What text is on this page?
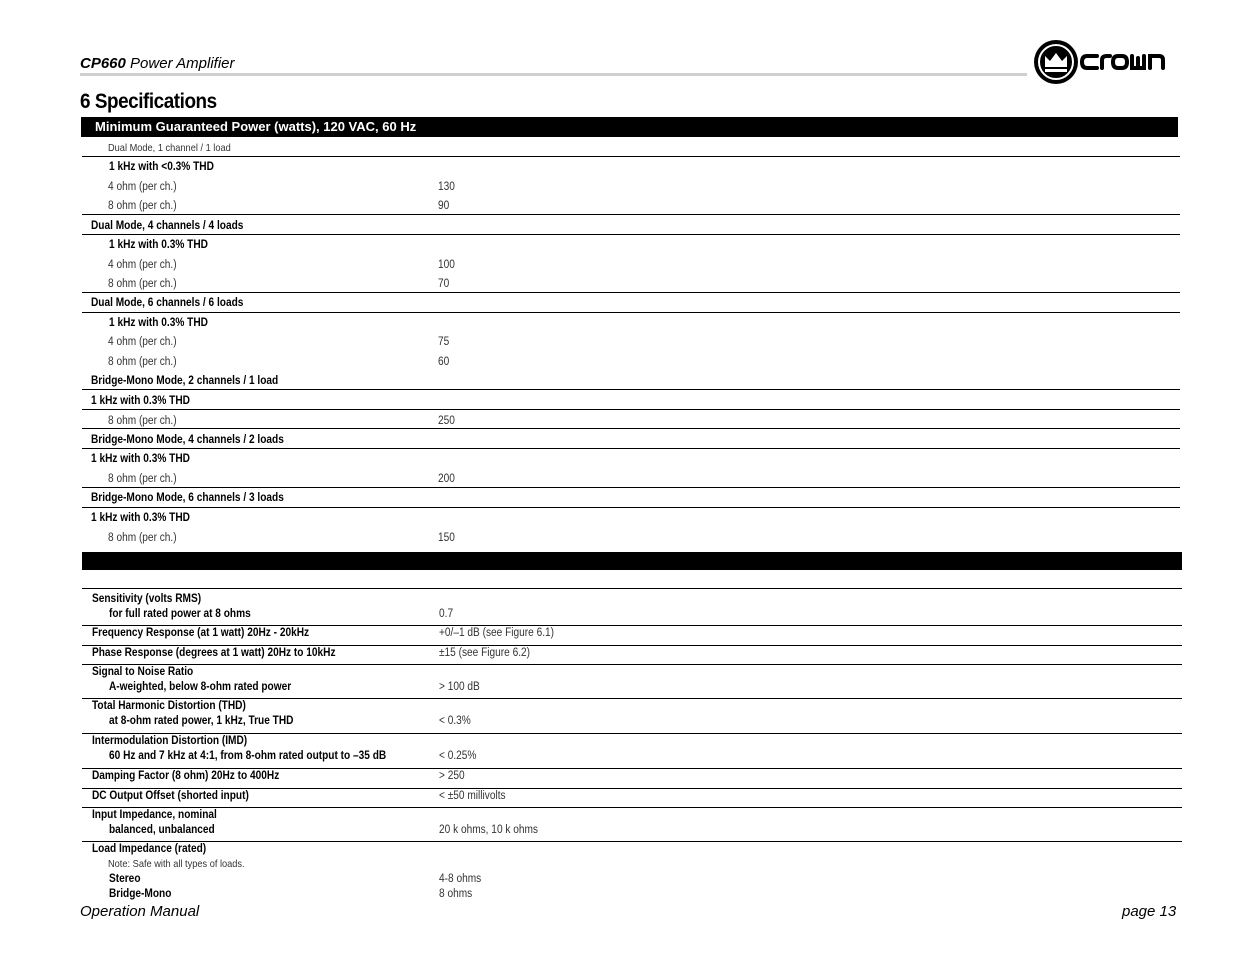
CP660 Power Amplifier
6 Specifications
Minimum Guaranteed Power (watts), 120 VAC, 60 Hz
Dual Mode, 1 channel / 1 load
1 kHz with <0.3% THD
4 ohm (per ch.)	130
8 ohm (per ch.)	90
Dual Mode, 4 channels / 4 loads
1 kHz with 0.3% THD
4 ohm (per ch.)	100
8 ohm (per ch.)	70
Dual Mode, 6 channels / 6 loads
1 kHz with 0.3% THD
4 ohm (per ch.)	75
8 ohm (per ch.)	60
Bridge-Mono Mode, 2 channels / 1 load
1 kHz with 0.3% THD
8 ohm (per ch.)	250
Bridge-Mono Mode, 4 channels / 2 loads
1 kHz with 0.3% THD
8 ohm (per ch.)	200
Bridge-Mono Mode, 6 channels / 3 loads
1 kHz with 0.3% THD
8 ohm (per ch.)	150
Sensitivity (volts RMS)
for full rated power at 8 ohms	0.7
Frequency Response (at 1 watt) 20Hz - 20kHz	+0/–1 dB (see Figure 6.1)
Phase Response (degrees at 1 watt) 20Hz to 10kHz	±15 (see Figure 6.2)
Signal to Noise Ratio
A-weighted, below 8-ohm rated power	> 100 dB
Total Harmonic Distortion (THD)
at 8-ohm rated power, 1 kHz, True THD	< 0.3%
Intermodulation Distortion (IMD)
60 Hz and 7 kHz at 4:1, from 8-ohm rated output to –35 dB	< 0.25%
Damping Factor (8 ohm) 20Hz to 400Hz	> 250
DC Output Offset (shorted input)	< ±50 millivolts
Input Impedance, nominal
balanced, unbalanced	20 k ohms, 10 k ohms
Load Impedance (rated)
Note: Safe with all types of loads.
Stereo	4-8 ohms
Bridge-Mono	8 ohms
Operation Manual	page 13
